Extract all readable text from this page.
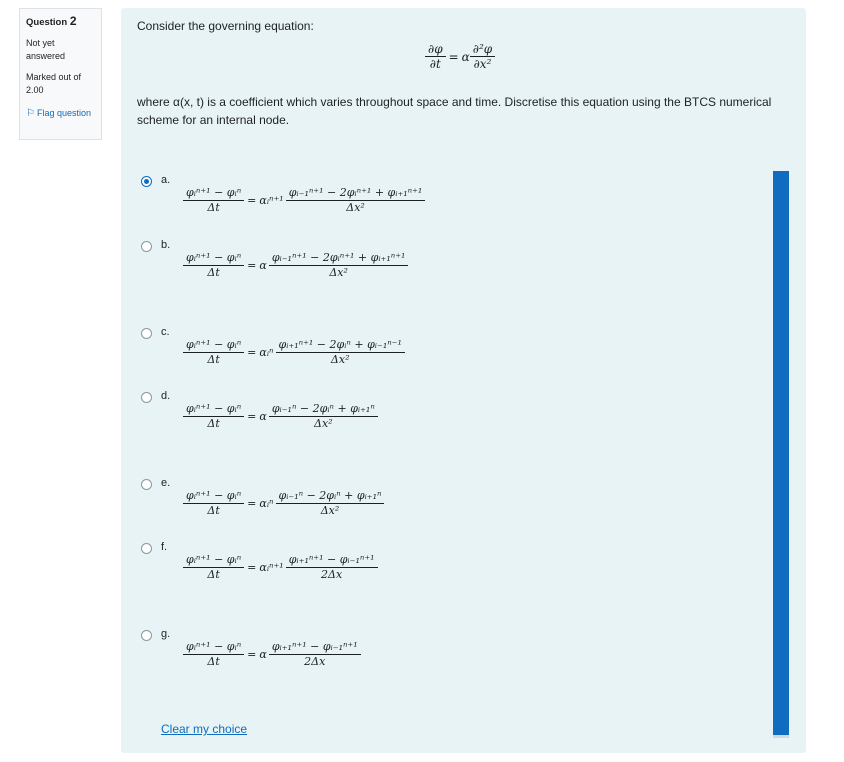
Question 2
Not yet answered
Marked out of 2.00
⚐ Flag question
Consider the governing equation:
$\frac{\partial\varphi}{\partial t} = \alpha \frac{\text{∂²φ}}{\text{∂x²}}$
where α(x, t) is a coefficient which varies throughout space and time. Discretise this equation using the BTCS numerical scheme for an internal node.
a.
$\frac{\text{φᵢⁿ⁺¹ − φᵢⁿ}}{\Delta t}$ = αᵢⁿ⁺¹ $\frac{\text{φᵢ₋₁ⁿ⁺¹ − 2φᵢⁿ⁺¹ + φᵢ₊₁ⁿ⁺¹}}{\text{Δx²}}$
b.
$\frac{\text{φᵢⁿ⁺¹ − φᵢⁿ}}{\Delta t} = \alpha \frac{\text{φᵢ₋₁ⁿ⁺¹ − 2φᵢⁿ⁺¹ + φᵢ₊₁ⁿ⁺¹}}{\text{Δx²}}$
c.
$\frac{\text{φᵢⁿ⁺¹ − φᵢⁿ}}{\Delta t}$ = αᵢⁿ $\frac{\text{φᵢ₊₁ⁿ⁺¹ − 2φᵢⁿ + φᵢ₋₁ⁿ⁻¹}}{\text{Δx²}}$
d.
$\frac{\text{φᵢⁿ⁺¹ − φᵢⁿ}}{\Delta t} = \alpha \frac{\text{φᵢ₋₁ⁿ − 2φᵢⁿ + φᵢ₊₁ⁿ}}{\text{Δx²}}$
e.
$\frac{\text{φᵢⁿ⁺¹ − φᵢⁿ}}{\Delta t}$ = αᵢⁿ $\frac{\text{φᵢ₋₁ⁿ − 2φᵢⁿ + φᵢ₊₁ⁿ}}{\text{Δx²}}$
f.
$\frac{\text{φᵢⁿ⁺¹ − φᵢⁿ}}{\Delta t}$ = αᵢⁿ⁺¹ $\frac{\text{φᵢ₊₁ⁿ⁺¹ − φᵢ₋₁ⁿ⁺¹}}{2\Delta x}$
g.
$\frac{\text{φᵢⁿ⁺¹ − φᵢⁿ}}{\Delta t} = \alpha \frac{\text{φᵢ₊₁ⁿ⁺¹ − φᵢ₋₁ⁿ⁺¹}}{2\Delta x}$
Clear my choice
